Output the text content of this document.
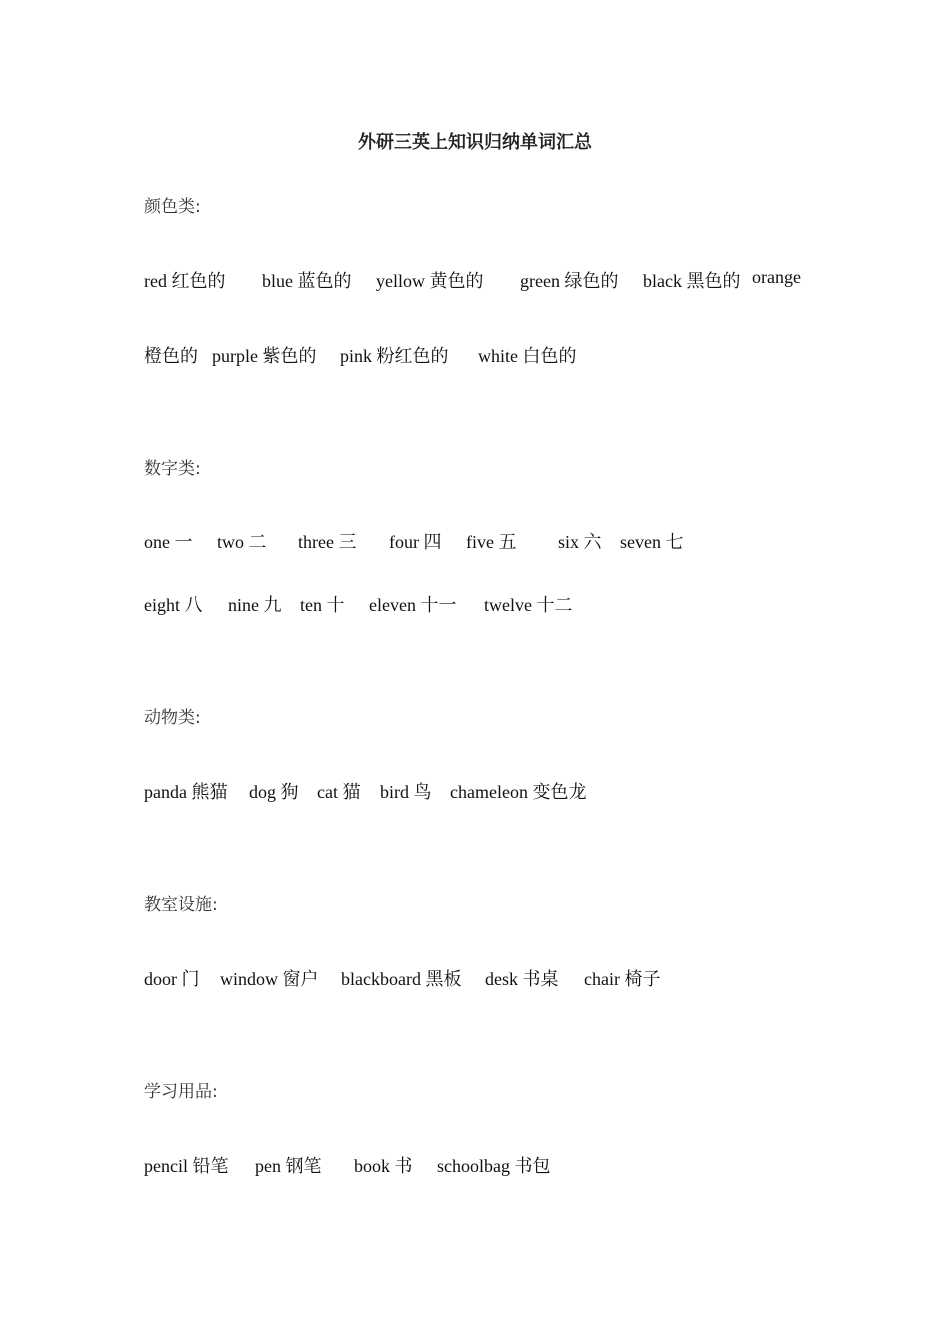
外研三英上知识归纳单词汇总
颜色类:
red 红色的 blue 蓝色的 yellow 黄色的 green 绿色的 black 黑色的 orange
橙色的 purple 紫色的 pink 粉红色的 white 白色的
数字类:
one 一 two 二 three 三 four 四 five 五 six 六 seven 七
eight 八 nine 九 ten 十 eleven 十一 twelve 十二
动物类:
panda 熊猫 dog 狗 cat 猫 bird 鸟 chameleon 变色龙
教室设施:
door 门 window 窗户 blackboard 黑板 desk 书桌 chair 椅子
学习用品:
pencil 铅笔 pen 钢笔 book 书 schoolbag 书包
